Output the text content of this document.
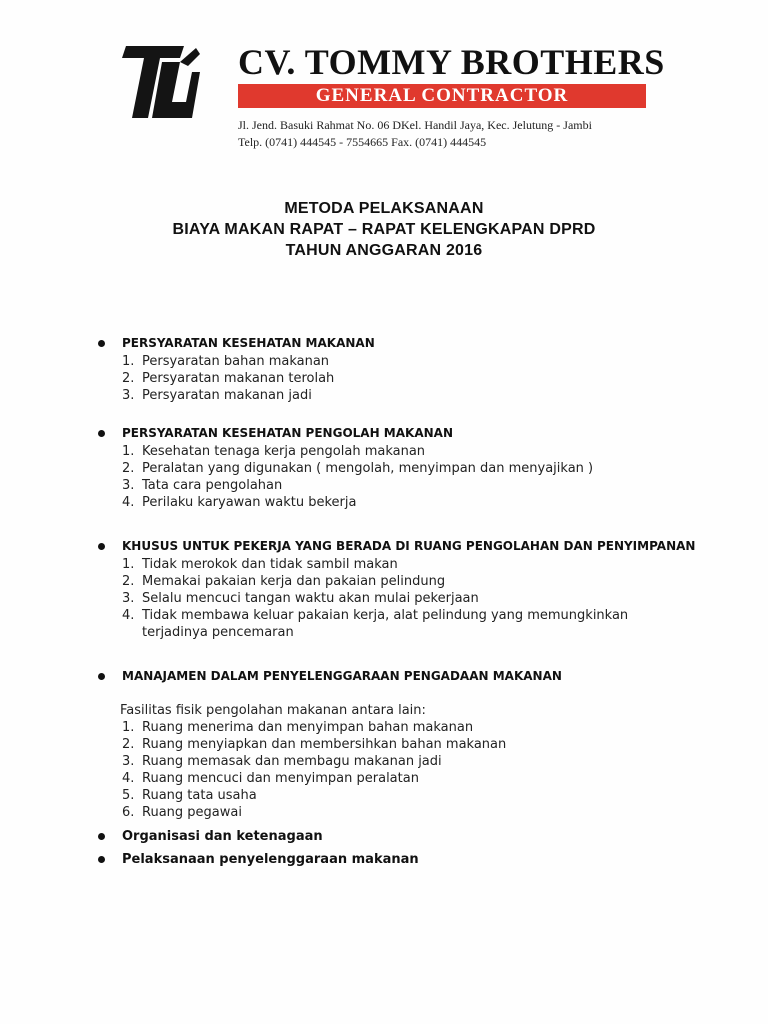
CV. TOMMY BROTHERS
GENERAL CONTRACTOR
Jl. Jend. Basuki Rahmat No. 06 DKel. Handil Jaya, Kec. Jelutung - Jambi
Telp. (0741) 444545 - 7554665 Fax. (0741) 444545
METODA PELAKSANAAN
BIAYA MAKAN RAPAT – RAPAT KELENGKAPAN DPRD
TAHUN ANGGARAN 2016
PERSYARATAN KESEHATAN MAKANAN
1. Persyaratan bahan makanan
2. Persyaratan makanan terolah
3. Persyaratan makanan jadi
PERSYARATAN KESEHATAN PENGOLAH MAKANAN
1. Kesehatan tenaga kerja pengolah makanan
2. Peralatan yang digunakan ( mengolah, menyimpan dan menyajikan )
3. Tata cara pengolahan
4. Perilaku karyawan waktu bekerja
KHUSUS UNTUK PEKERJA YANG BERADA DI RUANG PENGOLAHAN DAN PENYIMPANAN
1. Tidak merokok dan tidak sambil makan
2. Memakai pakaian kerja dan pakaian pelindung
3. Selalu mencuci tangan waktu akan mulai pekerjaan
4. Tidak membawa keluar pakaian kerja, alat pelindung yang memungkinkan terjadinya pencemaran
MANAJAMEN DALAM PENYELENGGARAAN PENGADAAN MAKANAN
Fasilitas fisik pengolahan makanan antara lain:
1. Ruang menerima dan menyimpan bahan makanan
2. Ruang menyiapkan dan membersihkan bahan makanan
3. Ruang memasak dan membagu makanan jadi
4. Ruang mencuci dan menyimpan peralatan
5. Ruang tata usaha
6. Ruang pegawai
Organisasi dan ketenagaan
Pelaksanaan penyelenggaraan makanan
